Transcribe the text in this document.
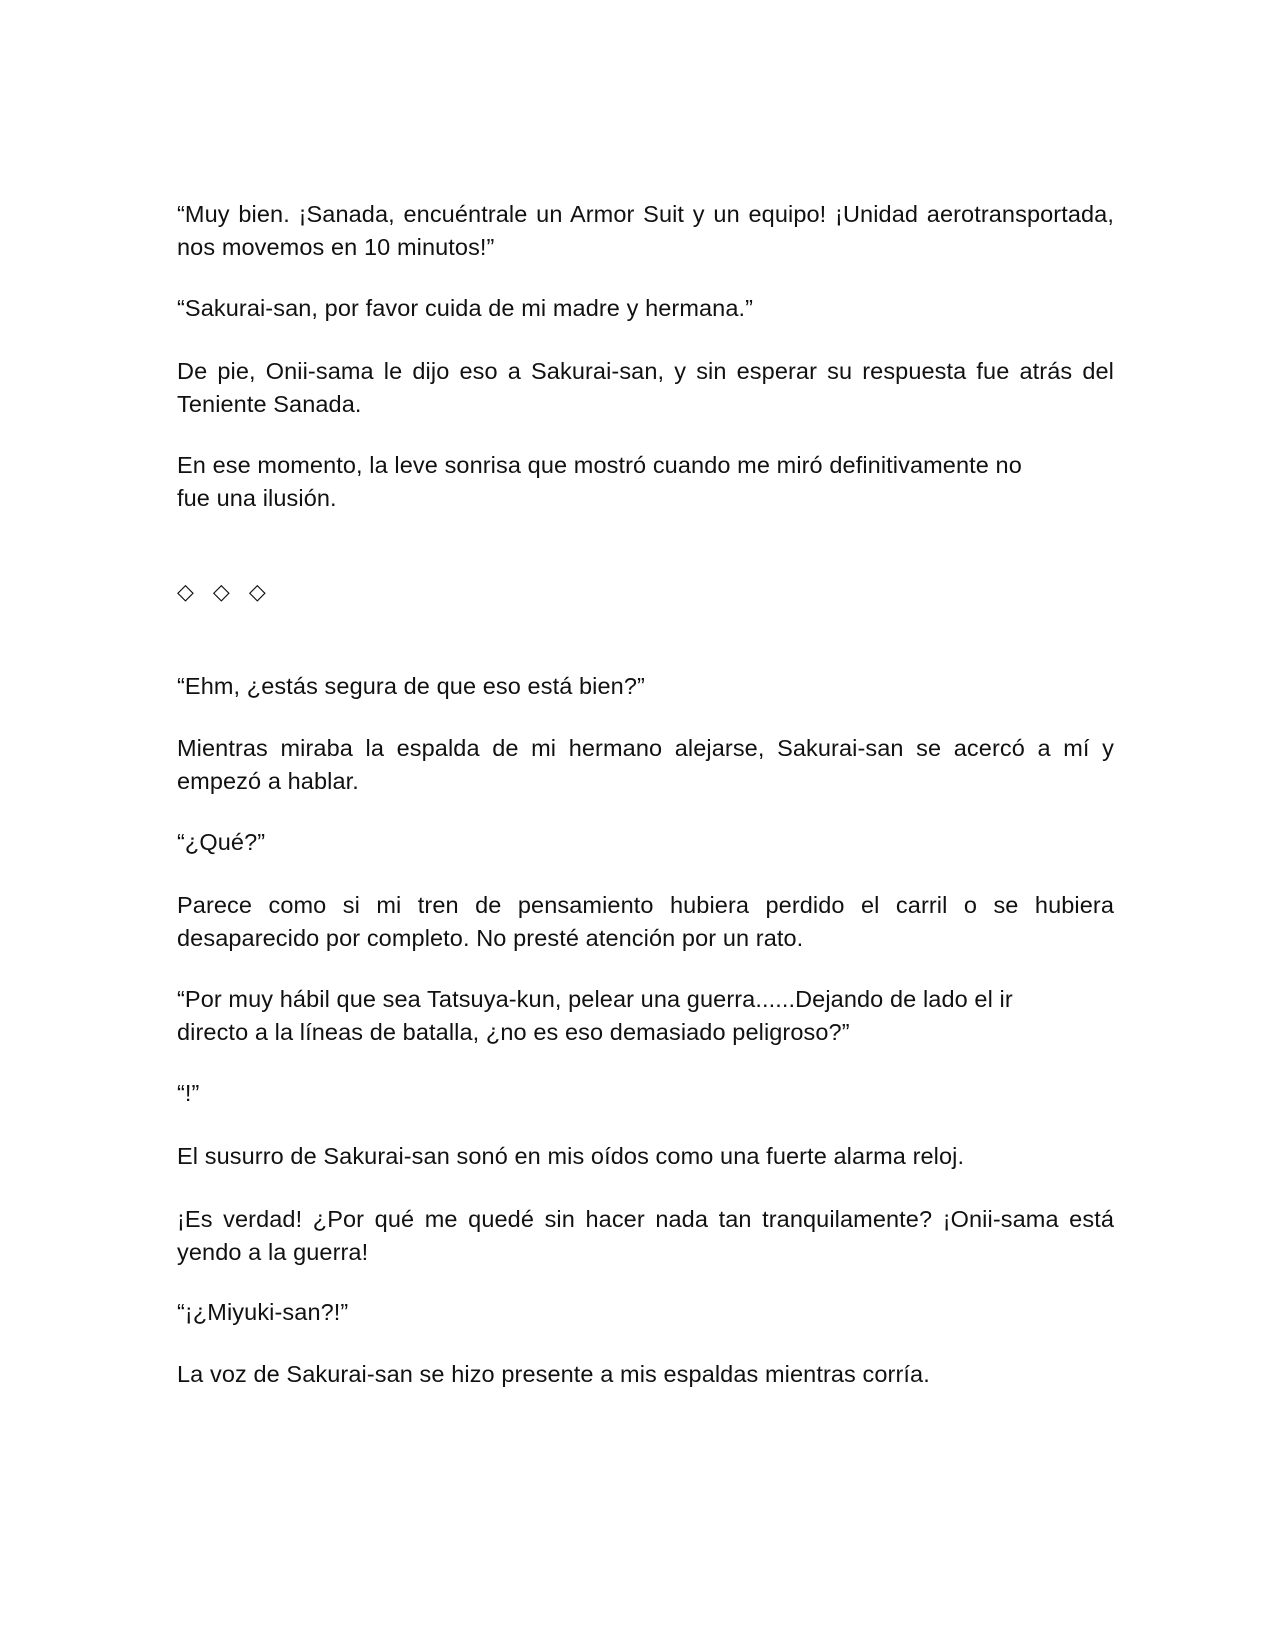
“Muy bien. ¡Sanada, encuéntrale un Armor Suit y un equipo! ¡Unidad aerotransportada, nos movemos en 10 minutos!”

“Sakurai-san, por favor cuida de mi madre y hermana.”

De pie, Onii-sama le dijo eso a Sakurai-san, y sin esperar su respuesta fue atrás del Teniente Sanada.

En ese momento, la leve sonrisa que mostró cuando me miró definitivamente no fue una ilusión.

◇ ◇ ◇

“Ehm, ¿estás segura de que eso está bien?”

Mientras miraba la espalda de mi hermano alejarse, Sakurai-san se acercó a mí y empezó a hablar.

“¿Qué?”

Parece como si mi tren de pensamiento hubiera perdido el carril o se hubiera desaparecido por completo. No presté atención por un rato.

“Por muy hábil que sea Tatsuya-kun, pelear una guerra......Dejando de lado el ir directo a la líneas de batalla, ¿no es eso demasiado peligroso?”

“!”

El susurro de Sakurai-san sonó en mis oídos como una fuerte alarma reloj.

¡Es verdad! ¿Por qué me quedé sin hacer nada tan tranquilamente? ¡Onii-sama está yendo a la guerra!

“¡¿Miyuki-san?!”

La voz de Sakurai-san se hizo presente a mis espaldas mientras corría.
